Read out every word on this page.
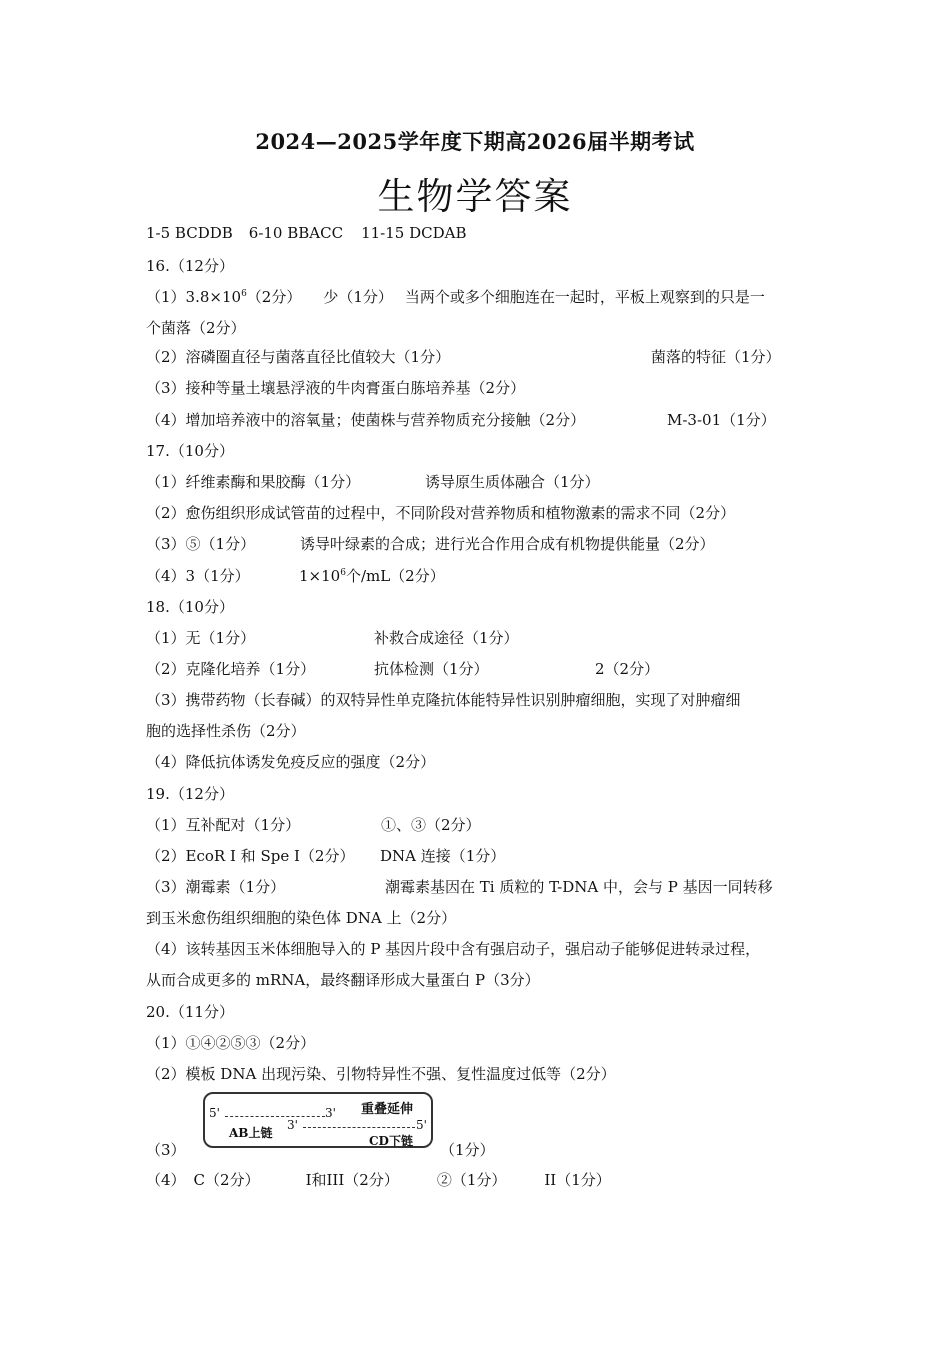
2024—2025学年度下期高2026届半期考试
生物学答案
1-5 BCDDB 6-10 BBACC 11-15 DCDAB
16.（12分）
$(1)3.8\times 10^6(2$分） 少（1分） 当两个或多个细胞连在一起时，平板上观察到的只是一
个菌落（2分）
（2）溶磷圈直径与菌落直径比值较大（1分）	菌落的特征（1分）
（3）接种等量土壤悬浮液的牛肉膏蛋白胨培养基（2分）
（4）增加培养液中的溶氧量；使菌株与营养物质充分接触（2分）	M-3-01（1分）
17.（10分）
（1）纤维素酶和果胶酶（1分）	诱导原生质体融合（1分）
（2）愈伤组织形成试管苗的过程中，不同阶段对营养物质和植物激素的需求不同（2分）
（3）⑤（1分）	诱导叶绿素的合成；进行光合作用合成有机物提供能量（2分）
（4）3（1分）	$1\times 10^6$个/mL（2分）
18.（10分）
（1）无（1分）	补救合成途径（1分）
（2）克隆化培养（1分）	抗体检测（1分）	2（2分）
（3）携带药物（长春碱）的双特异性单克隆抗体能特异性识别肿瘤细胞，实现了对肿瘤细
胞的选择性杀伤（2分）
（4）降低抗体诱发免疫反应的强度（2分）
19.（12分）
（1）互补配对（1分）	①、③（2分）
（2）EcoR I 和 Spe I（2分） DNA 连接（1分）
（3）潮霉素（1分）	潮霉素基因在 Ti 质粒的 T-DNA 中，会与 P 基因一同转移
到玉米愈伤组织细胞的染色体 DNA 上（2分）
（4）该转基因玉米体细胞导入的 P 基因片段中含有强启动子，强启动子能够促进转录过程，
从而合成更多的 mRNA，最终翻译形成大量蛋白 P（3分）
20.（11分）
（1）①④②⑤③（2分）
（2）模板 DNA 出现污染、引物特异性不强、复性温度过低等（2分）
（3）
5'	3' 重叠延伸
AB上链
3'	5'
CD下链 （1分）
（4） C（2分）	I和III（2分）	②（1分）	II（1分）
